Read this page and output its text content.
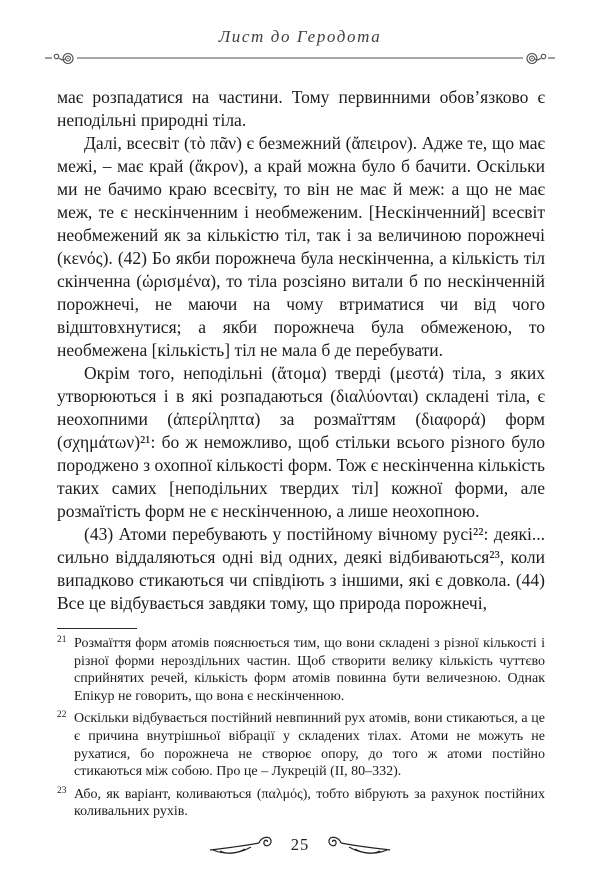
Лист до Геродота

має розпадатися на частини. Тому первинними обов’язково є неподільні природні тіла.

Далі, всесвіт (τὸ πᾶν) є безмежний (ἄπειρον). Адже те, що має межі, – має край (ἄκρον), а край можна було б бачити. Оскільки ми не бачимо краю всесвіту, то він не має й меж: а що не має меж, те є нескінченним і необмеженим. [Нескінченний] всесвіт необмежений як за кількістю тіл, так і за величиною порожнечі (κενός). (42) Бо якби порожнеча була нескінченна, а кількість тіл скінченна (ὡρισμένα), то тіла розсіяно витали б по нескінченній порожнечі, не маючи на чому втриматися чи від чого відштовхнутися; а якби порожнеча була обмеженою, то необмежена [кількість] тіл не мала б де перебувати.

Окрім того, неподільні (ἄτομα) тверді (μεστά) тіла, з яких утворюються і в які розпадаються (διαλύονται) складені тіла, є неохопними (ἀπερίληπτα) за розмаїттям (διαφορά) форм (σχημάτων)²¹: бо ж неможливо, щоб стільки всього різного було породжено з охопної кількості форм. Тож є нескінченна кількість таких самих [неподільних твердих тіл] кожної форми, але розмаїтість форм не є нескінченною, а лише неохопною.

(43) Атоми перебувають у постійному вічному русі²²: деякі... сильно віддаляються одні від одних, деякі відбиваються²³, коли випадково стикаються чи співдіють з іншими, які є довкола. (44) Все це відбувається завдяки тому, що природа порожнечі,

21 Розмаїття форм атомів пояснюється тим, що вони складені з різної кількості і різної форми нероздільних частин. Щоб створити велику кількість чуттєво сприйнятих речей, кількість форм атомів повинна бути величезною. Однак Епікур не говорить, що вона є нескінченною.
22 Оскільки відбувається постійний невпинний рух атомів, вони стикаються, а це є причина внутрішньої вібрації у складених тілах. Атоми не можуть не рухатися, бо порожнеча не створює опору, до того ж атоми постійно стикаються між собою. Про це – Лукрецій (II, 80–332).
23 Або, як варіант, коливаються (παλμός), тобто вібрують за рахунок постійних коливальних рухів.
25
